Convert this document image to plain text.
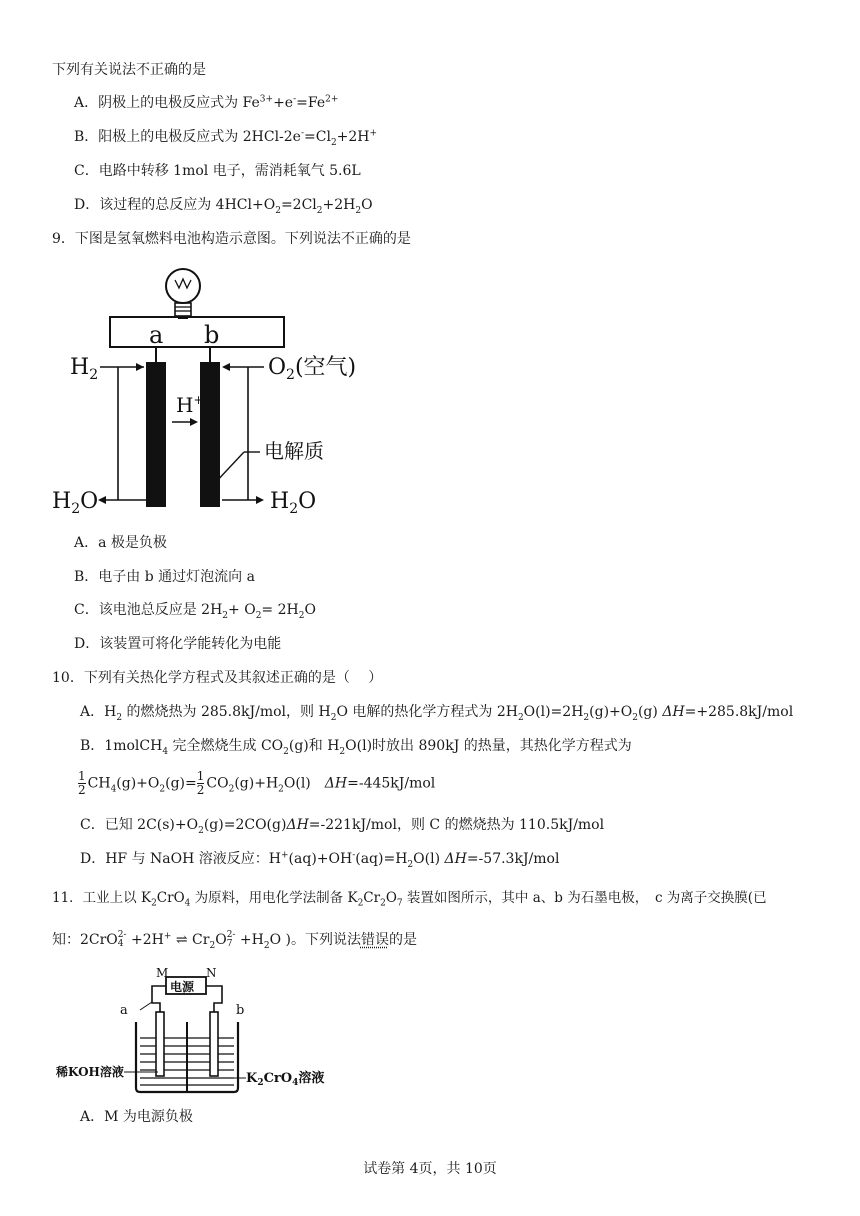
下列有关说法不正确的是
A．阴极上的电极反应式为 $Fe^{3+}+e^-=Fe^{2+}$
B．阳极上的电极反应式为 $2HCl-2e^-=Cl_2+2H^+$
C．电路中转移 1mol 电子，需消耗氧气 5.6L
D．该过程的总反应为 $4HCl+O_2=2Cl_2+2H_2O$
9．下图是氢氧燃料电池构造示意图。下列说法不正确的是
a b
$H_2$	$O_2$(空气)
H+
电解质
$H_2O$	$H_2O$
A．a 极是负极
B．电子由 b 通过灯泡流向 a
C．该电池总反应是 $2H_2+ O_2= 2H_2O$
D．该装置可将化学能转化为电能
10．下列有关热化学方程式及其叙述正确的是（　 ）
A．$H_2$ 的燃烧热为 285.8kJ/mol，则 $H_2O$ 电解的热化学方程式为 $2H_2O(l)=2H_2(g)+O_2(g)$ ΔH=+285.8kJ/mol
B．1molCH$_4$ 完全燃烧生成 $CO_2(g)$和 $H_2O(l)$时放出 890kJ 的热量，其热化学方程式为
$\frac{1}{2} CH_4(g)+O_2(g)= \frac{1}{2} CO_2(g)+H_2O(l)$　ΔH=-445kJ/mol
C．已知 $2C(s)+O_2(g)=2CO(g)\Delta H=-221kJ$/mol，则 C 的燃烧热为 110.5kJ/mol
D．HF 与 NaOH 溶液反应：$H^+(aq)+OH^-(aq)=H_2O(l)$ ΔH=-57.3kJ/mol
11．工业上以 $K_2CrO_4$ 为原料，用电化学法制备 $K_2Cr_2O_7$ 装置如图所示，其中 a、b 为石墨电极，　c 为离子交换膜(已
知：2CrO 2-
4 +2H+ ⇌ $Cr_2O$ 2-
$7 +H_2O$ )。下列说法错误的是
电源
M	N
a	b
稀KOH溶液	$K_2CrO_4$溶液
A．M 为电源负极
试卷第 4页，共 10页
